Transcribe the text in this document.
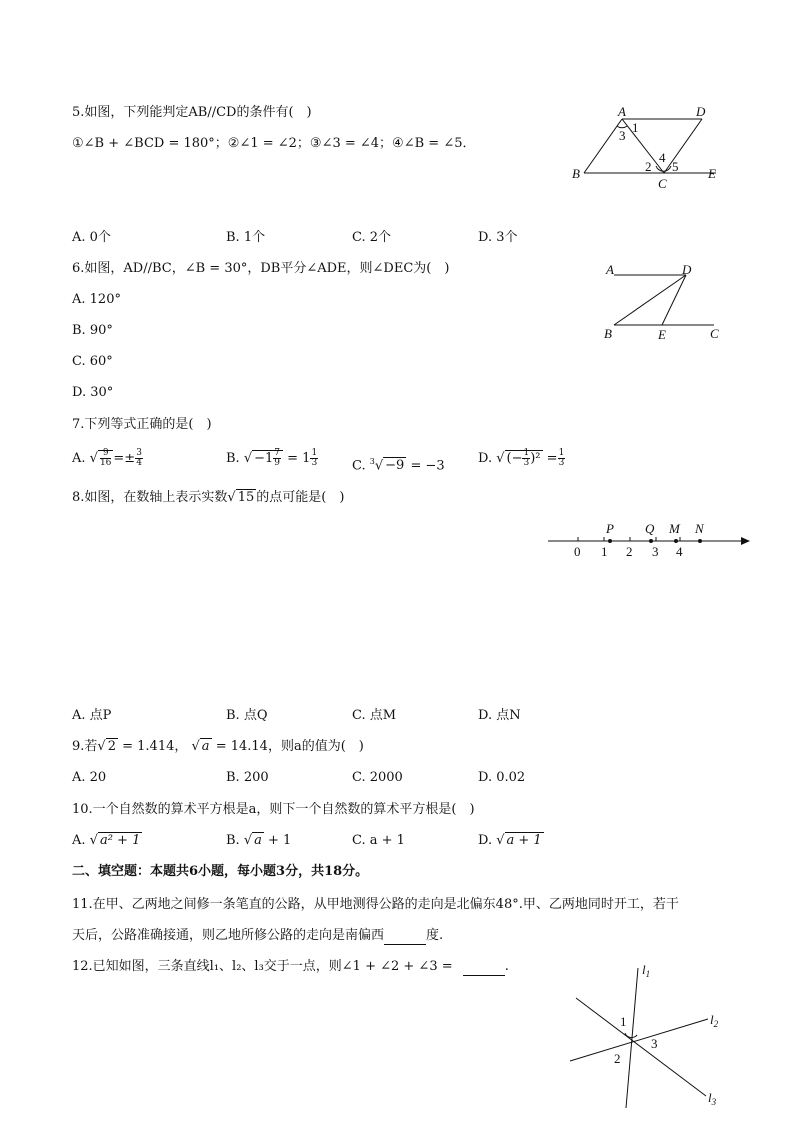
5.如图，下列能判定AB//CD的条件有(　)
①∠B + ∠BCD = 180°；②∠1 = ∠2；③∠3 = ∠4；④∠B = ∠5．
A	D
3
1
2
4
5
B
C
E
A. 0个	B. 1个	C. 2个	D. 3个
6.如图，AD//BC，∠B = 30°，DB平分∠ADE，则∠DEC为(　)	A	D
B	E	C
A. 120°
B. 90°
C. 60°
D. 30°
7.下列等式正确的是(　)
A. √ $\frac{9}{16} =\pm \frac{3}{4}$	B. √ $-1 \frac{7}{9} = 1 \frac{1}{3}$	C. $^3$√ −9 = −3	D. √ (− $\frac{1}{3} )^2 = \frac{1}{3}$
8.如图，在数轴上表示实数√ 15 的点可能是(　)
0 1 2 3 4
P Q M N
A. 点P	B. 点Q	C. 点M	D. 点N
9.若√ 2 = 1.414， √ a = 14.14，则a的值为(　)
A. 20	B. 200	C. 2000	D. 0.02
10.一个自然数的算术平方根是a，则下一个自然数的算术平方根是(　)
A. √ a² + 1	B. √ a + 1	C. a + 1	D. √ a + 1
二、填空题：本题共6小题，每小题3分，共18分。
11.在甲、乙两地之间修一条笔直的公路，从甲地测得公路的走向是北偏东48°.甲、乙两地同时开工，若干
天后，公路准确接通，则乙地所修公路的走向是南偏西	度.
12.已知如图，三条直线l₁、l₂、l₃交于一点，则∠1 + ∠2 + ∠3 =	.	$l_1$
$l_2$
$l_3$
1
2
3
